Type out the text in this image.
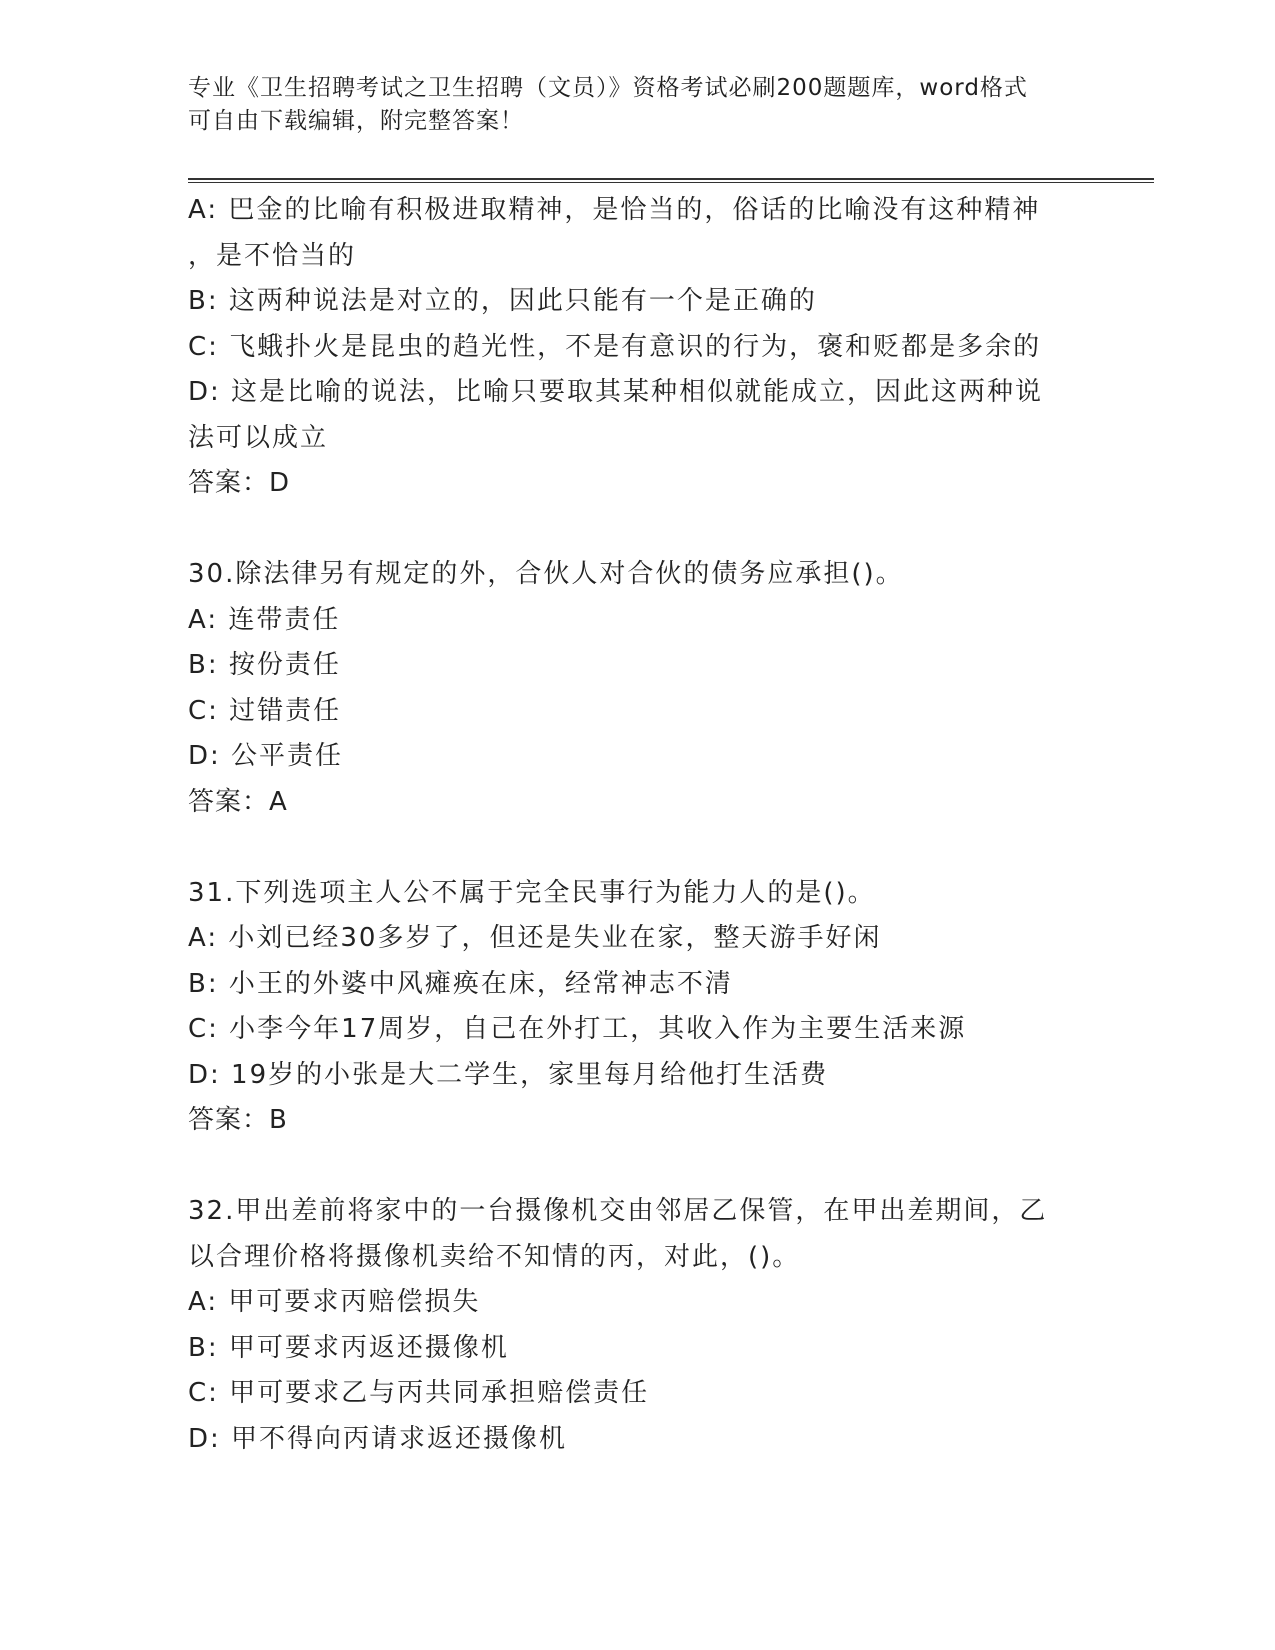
专业《卫生招聘考试之卫生招聘（文员）》资格考试必刷200题题库，word格式
可自由下载编辑，附完整答案！
A: 巴金的比喻有积极进取精神，是恰当的，俗话的比喻没有这种精神
，是不恰当的
B: 这两种说法是对立的，因此只能有一个是正确的
C: 飞蛾扑火是昆虫的趋光性，不是有意识的行为，褒和贬都是多余的
D: 这是比喻的说法，比喻只要取其某种相似就能成立，因此这两种说
法可以成立
答案：D
30.除法律另有规定的外，合伙人对合伙的债务应承担()。
A: 连带责任
B: 按份责任
C: 过错责任
D: 公平责任
答案：A
31.下列选项主人公不属于完全民事行为能力人的是()。
A: 小刘已经30多岁了，但还是失业在家，整天游手好闲
B: 小王的外婆中风瘫痪在床，经常神志不清
C: 小李今年17周岁，自己在外打工，其收入作为主要生活来源
D: 19岁的小张是大二学生，家里每月给他打生活费
答案：B
32.甲出差前将家中的一台摄像机交由邻居乙保管，在甲出差期间，乙
以合理价格将摄像机卖给不知情的丙，对此，()。
A: 甲可要求丙赔偿损失
B: 甲可要求丙返还摄像机
C: 甲可要求乙与丙共同承担赔偿责任
D: 甲不得向丙请求返还摄像机
